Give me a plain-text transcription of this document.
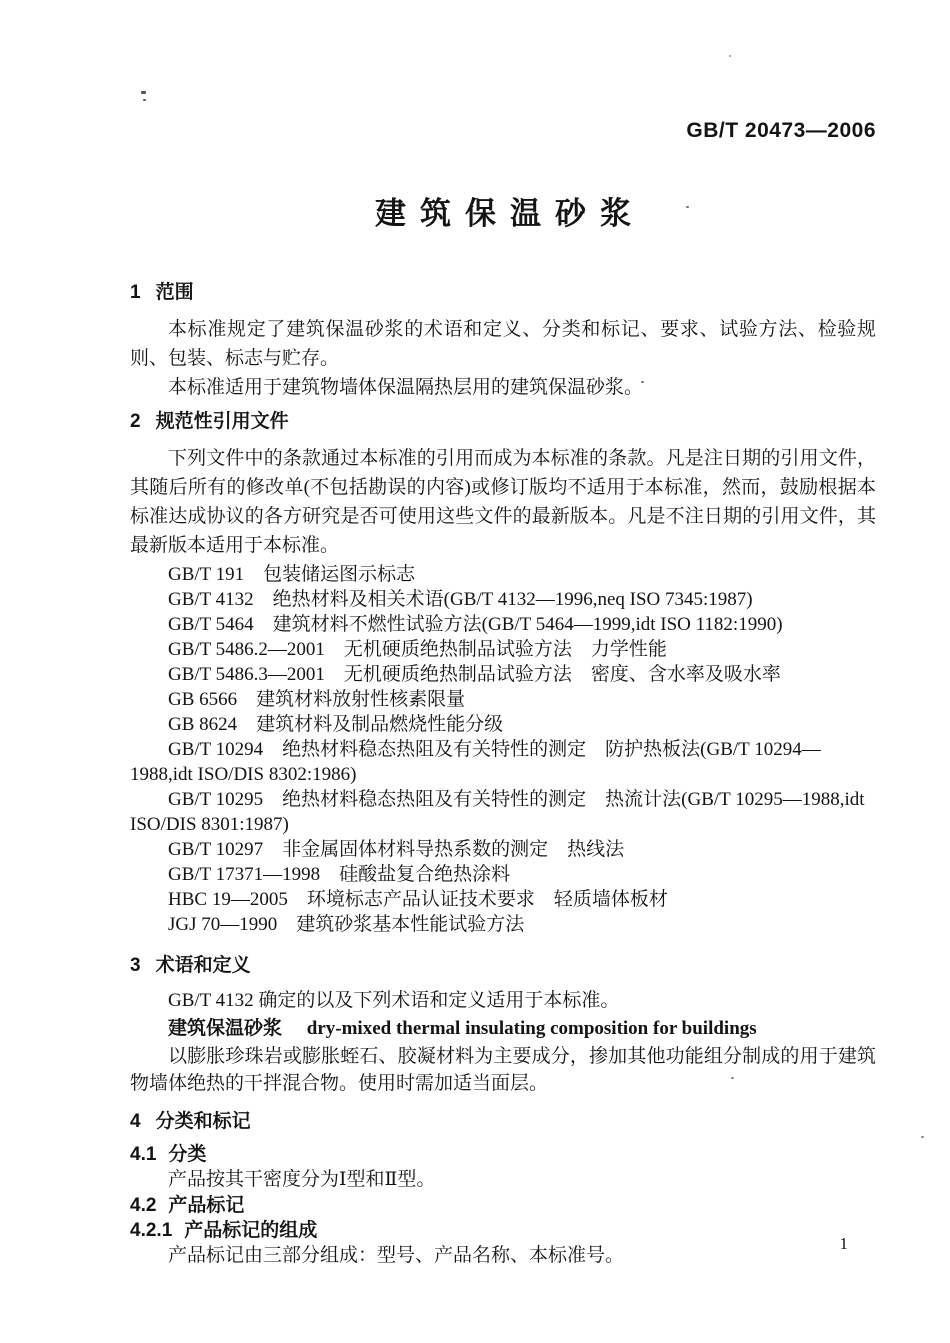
GB/T 20473—2006
建筑保温砂浆
1 范围

本标准规定了建筑保温砂浆的术语和定义、分类和标记、要求、试验方法、检验规则、包装、标志与贮存。

本标准适用于建筑物墙体保温隔热层用的建筑保温砂浆。

2 规范性引用文件

下列文件中的条款通过本标准的引用而成为本标准的条款。凡是注日期的引用文件，其随后所有的修改单(不包括勘误的内容)或修订版均不适用于本标准，然而，鼓励根据本标准达成协议的各方研究是否可使用这些文件的最新版本。凡是不注日期的引用文件，其最新版本适用于本标准。

GB/T 191　包装储运图示标志
GB/T 4132　绝热材料及相关术语(GB/T 4132—1996,neq ISO 7345:1987)
GB/T 5464　建筑材料不燃性试验方法(GB/T 5464—1999,idt ISO 1182:1990)
GB/T 5486.2—2001　无机硬质绝热制品试验方法　力学性能
GB/T 5486.3—2001　无机硬质绝热制品试验方法　密度、含水率及吸水率
GB 6566　建筑材料放射性核素限量
GB 8624　建筑材料及制品燃烧性能分级
GB/T 10294　绝热材料稳态热阻及有关特性的测定　防护热板法(GB/T 10294—1988,idt ISO/DIS 8302:1986)
GB/T 10295　绝热材料稳态热阻及有关特性的测定　热流计法(GB/T 10295—1988,idt ISO/DIS 8301:1987)
GB/T 10297　非金属固体材料导热系数的测定　热线法
GB/T 17371—1998　硅酸盐复合绝热涂料
HBC 19—2005　环境标志产品认证技术要求　轻质墙体板材
JGJ 70—1990　建筑砂浆基本性能试验方法
3 术语和定义

GB/T 4132 确定的以及下列术语和定义适用于本标准。

建筑保温砂浆 dry-mixed thermal insulating composition for buildings

以膨胀珍珠岩或膨胀蛭石、胶凝材料为主要成分，掺加其他功能组分制成的用于建筑物墙体绝热的干拌混合物。使用时需加适当面层。

4 分类和标记
4.1 分类

产品按其干密度分为Ⅰ型和Ⅱ型。

4.2 产品标记
4.2.1 产品标记的组成

产品标记由三部分组成：型号、产品名称、本标准号。

1
